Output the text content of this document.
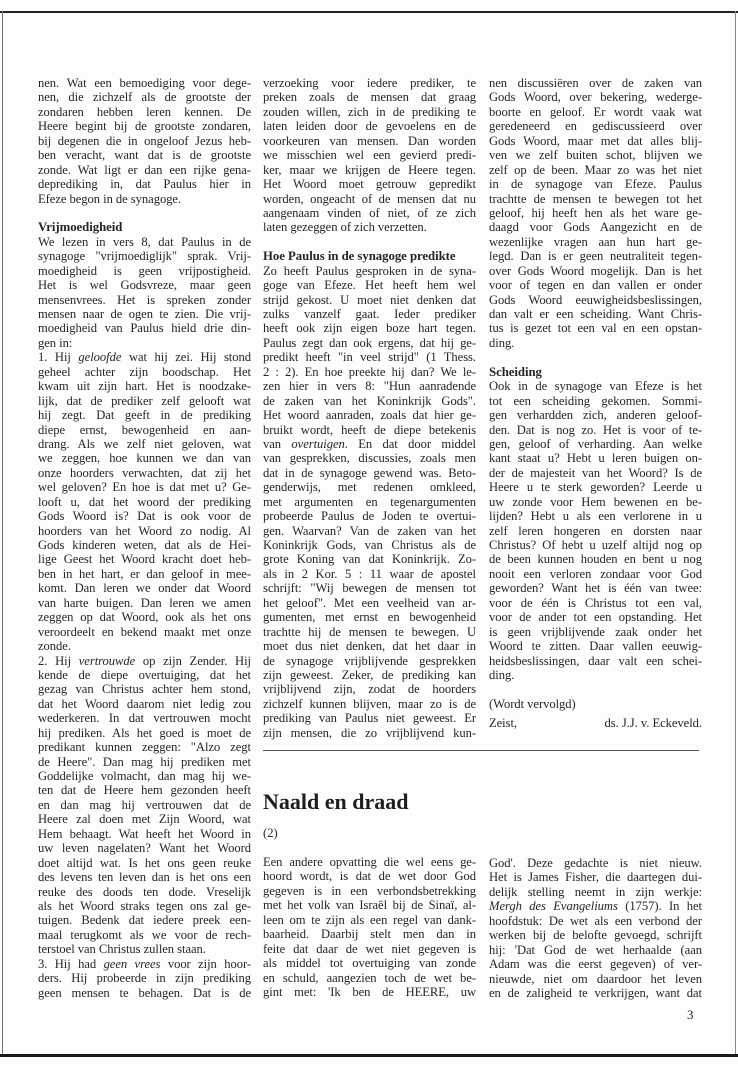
nen. Wat een bemoediging voor dege-
nen, die zichzelf als de grootste der
zondaren hebben leren kennen. De
Heere begint bij de grootste zondaren,
bij degenen die in ongeloof Jezus heb-
ben veracht, want dat is de grootste
zonde. Wat ligt er dan een rijke gena-
deprediking in, dat Paulus hier in
Efeze begon in de synagoge.
Vrijmoedigheid
We lezen in vers 8, dat Paulus in de
synagoge "vrijmoediglijk" sprak. Vrij-
moedigheid is geen vrijpostigheid.
Het is wel Godsvreze, maar geen
mensenvrees. Het is spreken zonder
mensen naar de ogen te zien. Die vrij-
moedigheid van Paulus hield drie din-
gen in:
1. Hij geloofde wat hij zei. Hij stond
geheel achter zijn boodschap. Het
kwam uit zijn hart. Het is noodzake-
lijk, dat de prediker zelf gelooft wat
hij zegt. Dat geeft in de prediking
diepe ernst, bewogenheid en aan-
drang. Als we zelf niet geloven, wat
we zeggen, hoe kunnen we dan van
onze hoorders verwachten, dat zij het
wel geloven? En hoe is dat met u? Ge-
looft u, dat het woord der prediking
Gods Woord is? Dat is ook voor de
hoorders van het Woord zo nodig. Al
Gods kinderen weten, dat als de Hei-
lige Geest het Woord kracht doet heb-
ben in het hart, er dan geloof in mee-
komt. Dan leren we onder dat Woord
van harte buigen. Dan leren we amen
zeggen op dat Woord, ook als het ons
veroordeelt en bekend maakt met onze
zonde.
2. Hij vertrouwde op zijn Zender. Hij
kende de diepe overtuiging, dat het
gezag van Christus achter hem stond,
dat het Woord daarom niet ledig zou
wederkeren. In dat vertrouwen mocht
hij prediken. Als het goed is moet de
predikant kunnen zeggen: "Alzo zegt
de Heere". Dan mag hij prediken met
Goddelijke volmacht, dan mag hij we-
ten dat de Heere hem gezonden heeft
en dan mag hij vertrouwen dat de
Heere zal doen met Zijn Woord, wat
Hem behaagt. Wat heeft het Woord in
uw leven nagelaten? Want het Woord
doet altijd wat. Is het ons geen reuke
des levens ten leven dan is het ons een
reuke des doods ten dode. Vreselijk
als het Woord straks tegen ons zal ge-
tuigen. Bedenk dat iedere preek een-
maal terugkomt als we voor de rech-
terstoel van Christus zullen staan.
3. Hij had geen vrees voor zijn hoor-
ders. Hij probeerde in zijn prediking
geen mensen te behagen. Dat is de
verzoeking voor iedere prediker, te
preken zoals de mensen dat graag
zouden willen, zich in de prediking te
laten leiden door de gevoelens en de
voorkeuren van mensen. Dan worden
we misschien wel een gevierd predi-
ker, maar we krijgen de Heere tegen.
Het Woord moet getrouw gepredikt
worden, ongeacht of de mensen dat nu
aangenaam vinden of niet, of ze zich
laten gezeggen of zich verzetten.
Hoe Paulus in de synagoge predikte
Zo heeft Paulus gesproken in de syna-
goge van Efeze. Het heeft hem wel
strijd gekost. U moet niet denken dat
zulks vanzelf gaat. Ieder prediker
heeft ook zijn eigen boze hart tegen.
Paulus zegt dan ook ergens, dat hij ge-
predikt heeft "in veel strijd" (1 Thess.
2 : 2). En hoe preekte hij dan? We le-
zen hier in vers 8: "Hun aanradende
de zaken van het Koninkrijk Gods".
Het woord aanraden, zoals dat hier ge-
bruikt wordt, heeft de diepe betekenis
van overtuigen. En dat door middel
van gesprekken, discussies, zoals men
dat in de synagoge gewend was. Beto-
genderwijs, met redenen omkleed,
met argumenten en tegenargumenten
probeerde Paulus de Joden te overtui-
gen. Waarvan? Van de zaken van het
Koninkrijk Gods, van Christus als de
grote Koning van dat Koninkrijk. Zo-
als in 2 Kor. 5 : 11 waar de apostel
schrijft: "Wij bewegen de mensen tot
het geloof". Met een veelheid van ar-
gumenten, met ernst en bewogenheid
trachtte hij de mensen te bewegen. U
moet dus niet denken, dat het daar in
de synagoge vrijblijvende gesprekken
zijn geweest. Zeker, de prediking kan
vrijblijvend zijn, zodat de hoorders
zichzelf kunnen blijven, maar zo is de
prediking van Paulus niet geweest. Er
zijn mensen, die zo vrijblijvend kun-
nen discussiëren over de zaken van
Gods Woord, over bekering, wederge-
boorte en geloof. Er wordt vaak wat
geredeneerd en gediscussieerd over
Gods Woord, maar met dat alles blij-
ven we zelf buiten schot, blijven we
zelf op de been. Maar zo was het niet
in de synagoge van Efeze. Paulus
trachtte de mensen te bewegen tot het
geloof, hij heeft hen als het ware ge-
daagd voor Gods Aangezicht en de
wezenlijke vragen aan hun hart ge-
legd. Dan is er geen neutraliteit tegen-
over Gods Woord mogelijk. Dan is het
voor of tegen en dan vallen er onder
Gods Woord eeuwigheidsbeslissingen,
dan valt er een scheiding. Want Chris-
tus is gezet tot een val en een opstan-
ding.
Scheiding
Ook in de synagoge van Efeze is het
tot een scheiding gekomen. Sommi-
gen verhardden zich, anderen geloof-
den. Dat is nog zo. Het is voor of te-
gen, geloof of verharding. Aan welke
kant staat u? Hebt u leren buigen on-
der de majesteit van het Woord? Is de
Heere u te sterk geworden? Leerde u
uw zonde voor Hem bewenen en be-
lijden? Hebt u als een verlorene in u
zelf leren hongeren en dorsten naar
Christus? Of hebt u uzelf altijd nog op
de been kunnen houden en bent u nog
nooit een verloren zondaar voor God
geworden? Want het is één van twee:
voor de één is Christus tot een val,
voor de ander tot een opstanding. Het
is geen vrijblijvende zaak onder het
Woord te zitten. Daar vallen eeuwig-
heidsbeslissingen, daar valt een schei-
ding.
(Wordt vervolgd)
Zeist,	ds. J.J. v. Eckeveld.
Naald en draad
(2)
Een andere opvatting die wel eens ge-
hoord wordt, is dat de wet door God
gegeven is in een verbondsbetrekking
met het volk van Israël bij de Sinaï, al-
leen om te zijn als een regel van dank-
baarheid. Daarbij stelt men dan in
feite dat daar de wet niet gegeven is
als middel tot overtuiging van zonde
en schuld, aangezien toch de wet be-
gint met: 'Ik ben de HEERE, uw
God'. Deze gedachte is niet nieuw.
Het is James Fisher, die daartegen dui-
delijk stelling neemt in zijn werkje:
Mergh des Evangeliums (1757). In het
hoofdstuk: De wet als een verbond der
werken bij de belofte gevoegd, schrijft
hij: 'Dat God de wet herhaalde (aan
Adam was die eerst gegeven) of ver-
nieuwde, niet om daardoor het leven
en de zaligheid te verkrijgen, want dat
3
